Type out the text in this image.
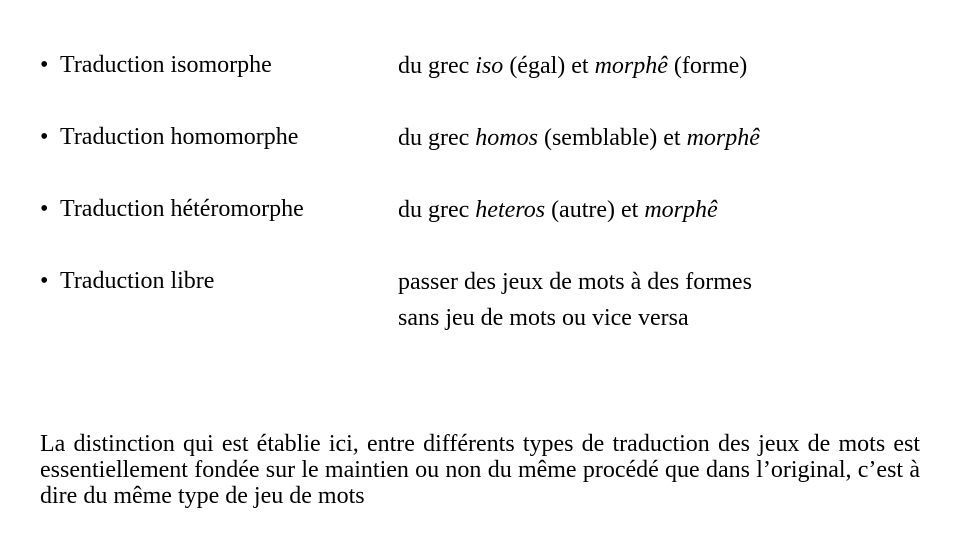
• Traduction isomorphe	du grec iso (égal) et morphê (forme)
• Traduction homomorphe	du grec homos (semblable) et morphê
• Traduction hétéromorphe	du grec heteros (autre) et morphê
• Traduction libre	passer des jeux de mots à des formes
sans jeu de mots ou vice versa

La distinction qui est établie ici, entre différents types de traduction des jeux de mots est essentiellement fondée sur le maintien ou non du même procédé que dans l’original, c’est à dire du même type de jeu de mots
